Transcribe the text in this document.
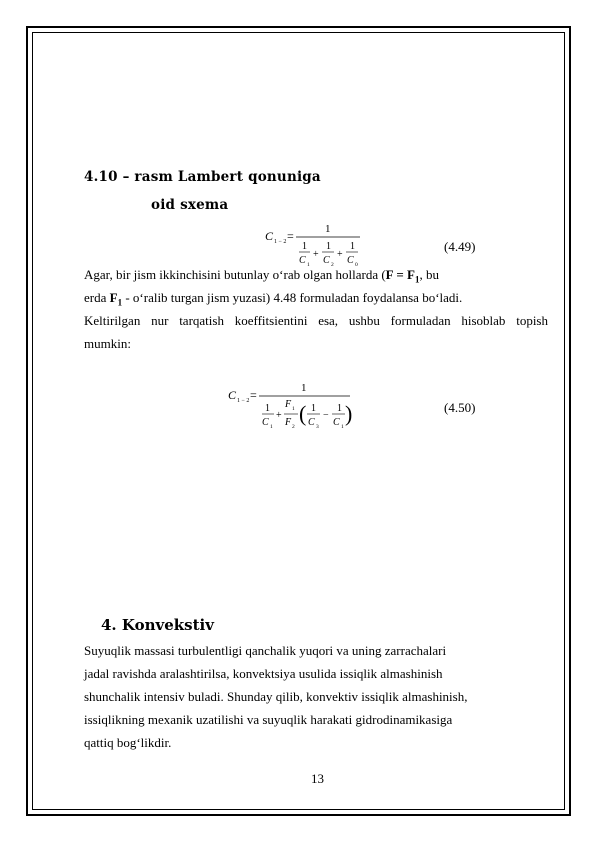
4.10 – rasm Lambert qonuniga
oid sxema
C 1 − 2 =	1
1
C 1
+
1
C 2
+
1
C 0
(4.49)
Agar, bir jism ikkinchisini butunlay o‘rab olgan hollarda ($F = F_1$, bu
erda $F_1$ - o‘ralib turgan jism yuzasi) 4.48 formuladan foydalansa bo‘ladi.
Keltirilgan nur tarqatish koeffitsientini esa, ushbu formuladan hisoblab topish
mumkin:
C 1 − 2 =	1
1
C 1
+
F 1
F 2
( )
1
C 3
−
1
C 1
(4.50)
4. Konvekstiv
Suyuqlik massasi turbulentligi qanchalik yuqori va uning zarrachalari
jadal ravishda aralashtirilsa, konvektsiya usulida issiqlik almashinish
shunchalik intensiv buladi. Shunday qilib, konvektiv issiqlik almashinish,
issiqlikning mexanik uzatilishi va suyuqlik harakati gidrodinamikasiga
qattiq bog‘likdir.
13
